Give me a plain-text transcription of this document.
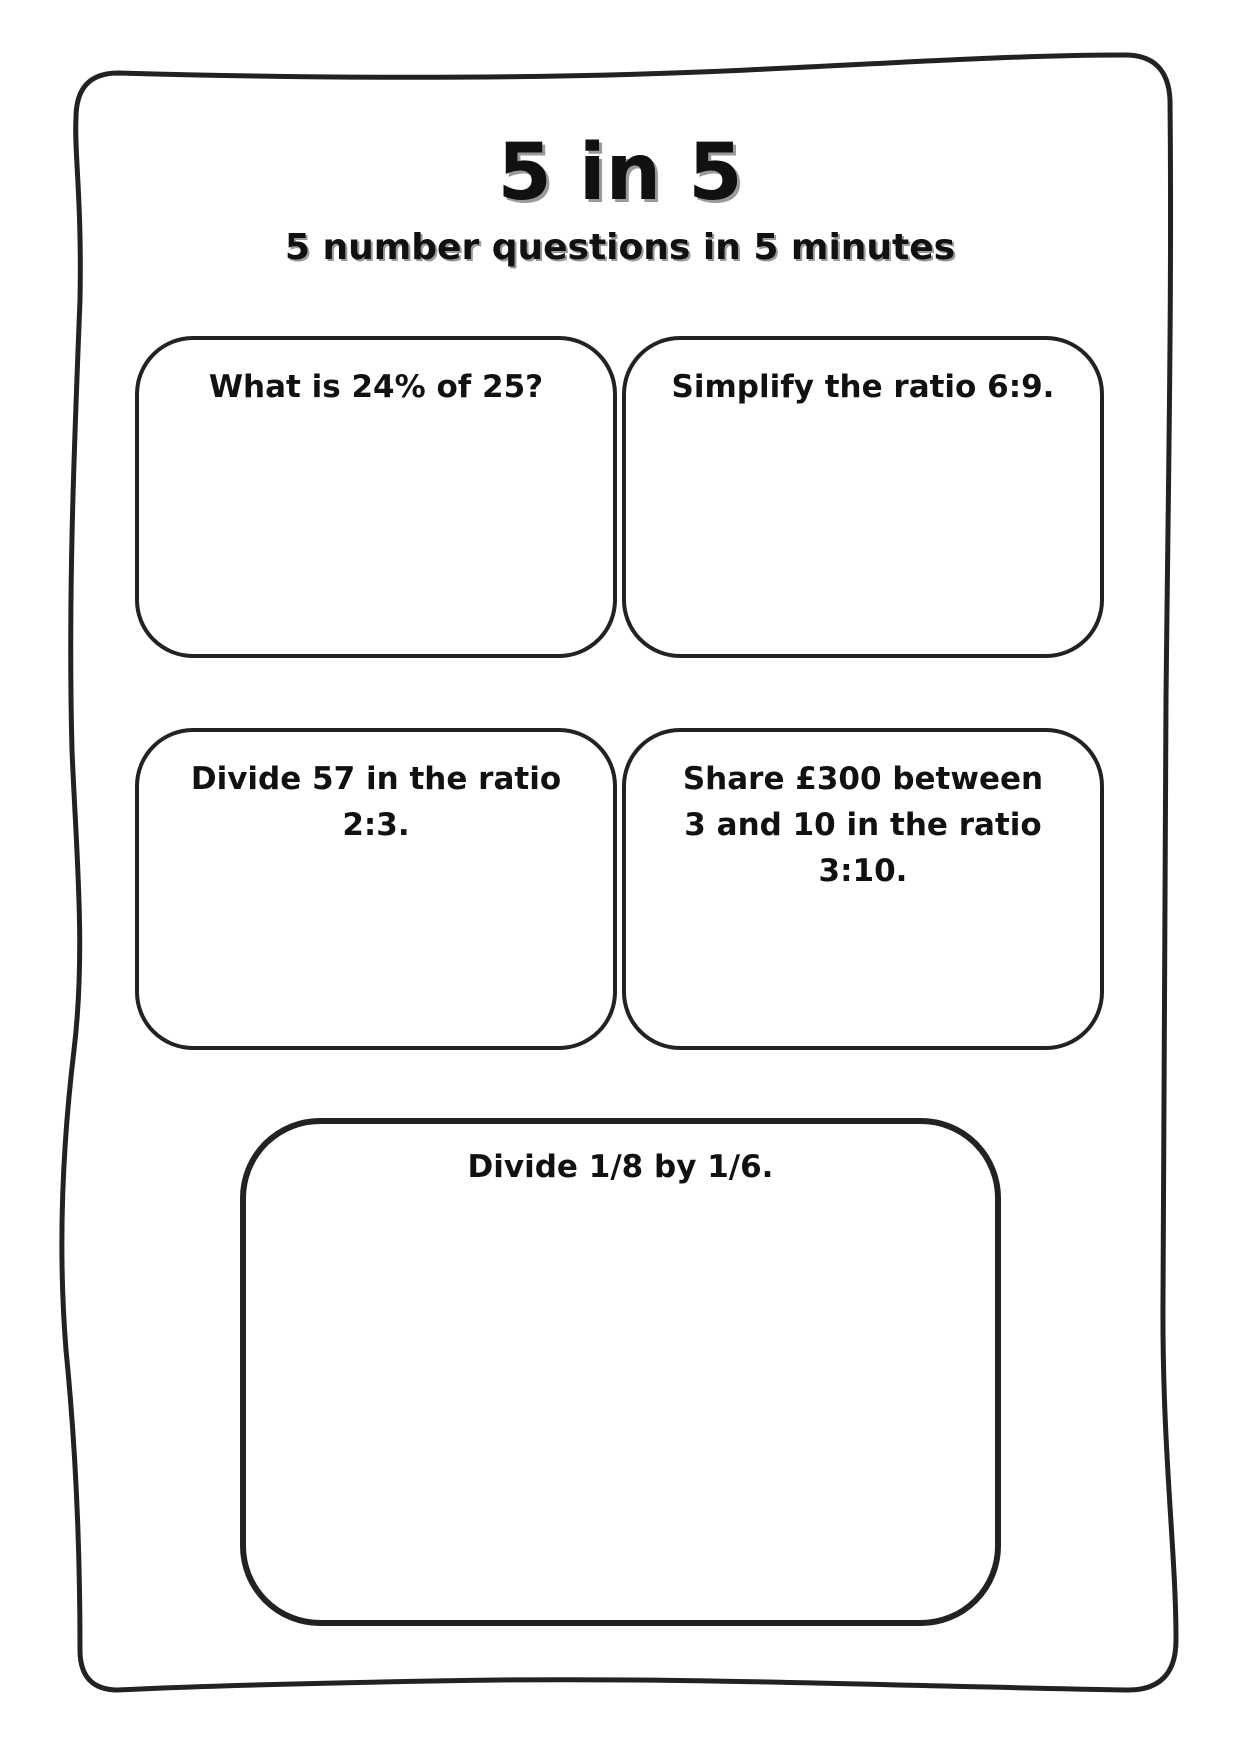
5 in 5
5 number questions in 5 minutes

What is 24% of 25?	Simplify the ratio 6:9.

Divide 57 in the ratio
2:3.

Share £300 between
3 and 10 in the ratio
3:10.

Divide 1/8 by 1/6.
